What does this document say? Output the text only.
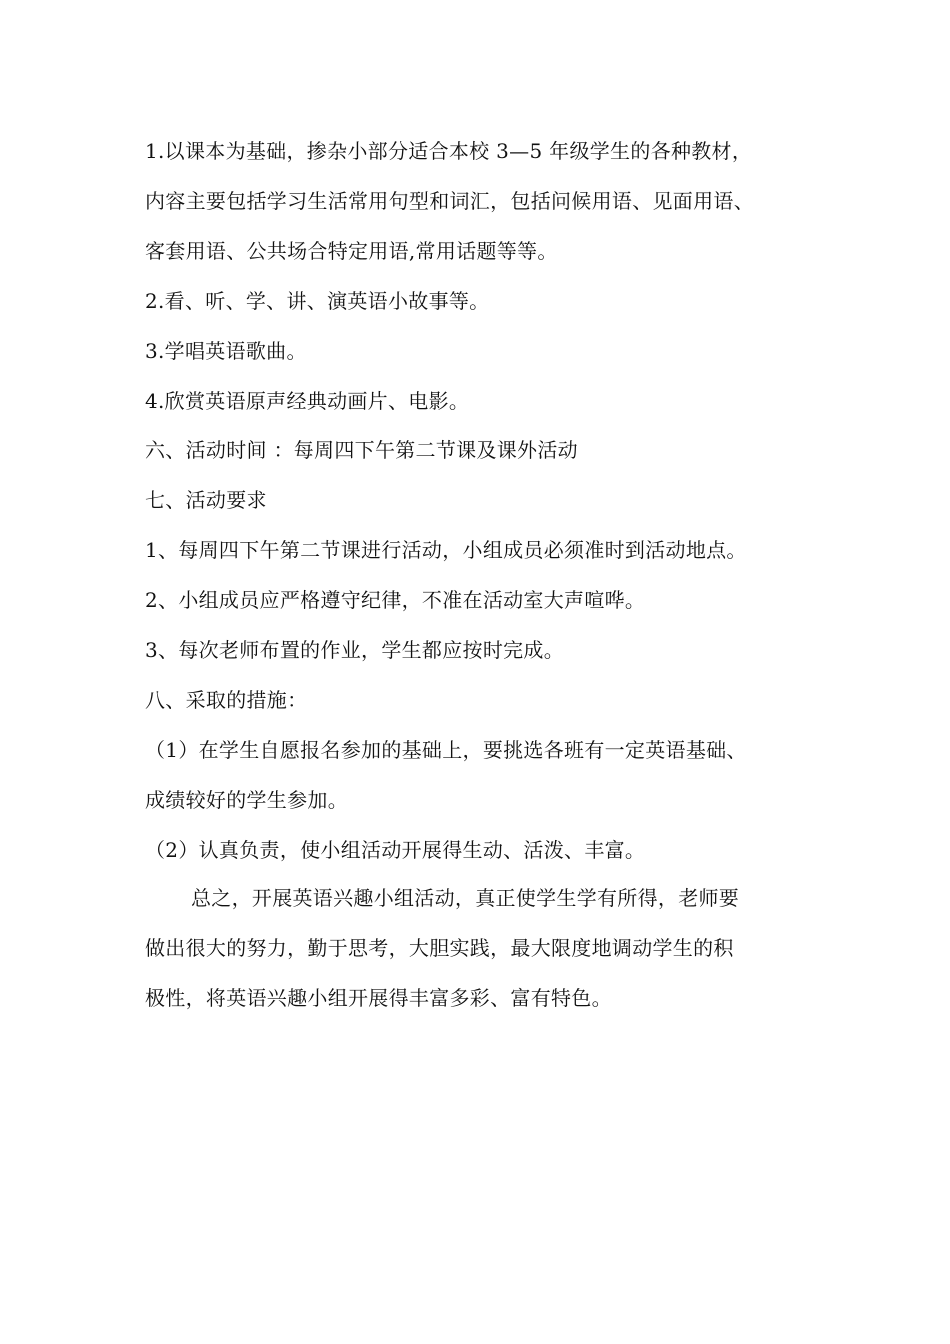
1.以课本为基础，掺杂小部分适合本校 3—5 年级学生的各种教材，
内容主要包括学习生活常用句型和词汇，包括问候用语、见面用语、
客套用语、公共场合特定用语,常用话题等等。
2.看、听、学、讲、演英语小故事等。
3.学唱英语歌曲。
4.欣赏英语原声经典动画片、电影。
六、活动时间 ：每周四下午第二节课及课外活动
七、活动要求
1、每周四下午第二节课进行活动，小组成员必须准时到活动地点。
2、小组成员应严格遵守纪律，不准在活动室大声喧哗。
3、每次老师布置的作业，学生都应按时完成。
八、采取的措施：
（1）在学生自愿报名参加的基础上，要挑选各班有一定英语基础、
成绩较好的学生参加。
（2）认真负责，使小组活动开展得生动、活泼、丰富。
总之，开展英语兴趣小组活动，真正使学生学有所得，老师要
做出很大的努力，勤于思考，大胆实践，最大限度地调动学生的积
极性，将英语兴趣小组开展得丰富多彩、富有特色。
